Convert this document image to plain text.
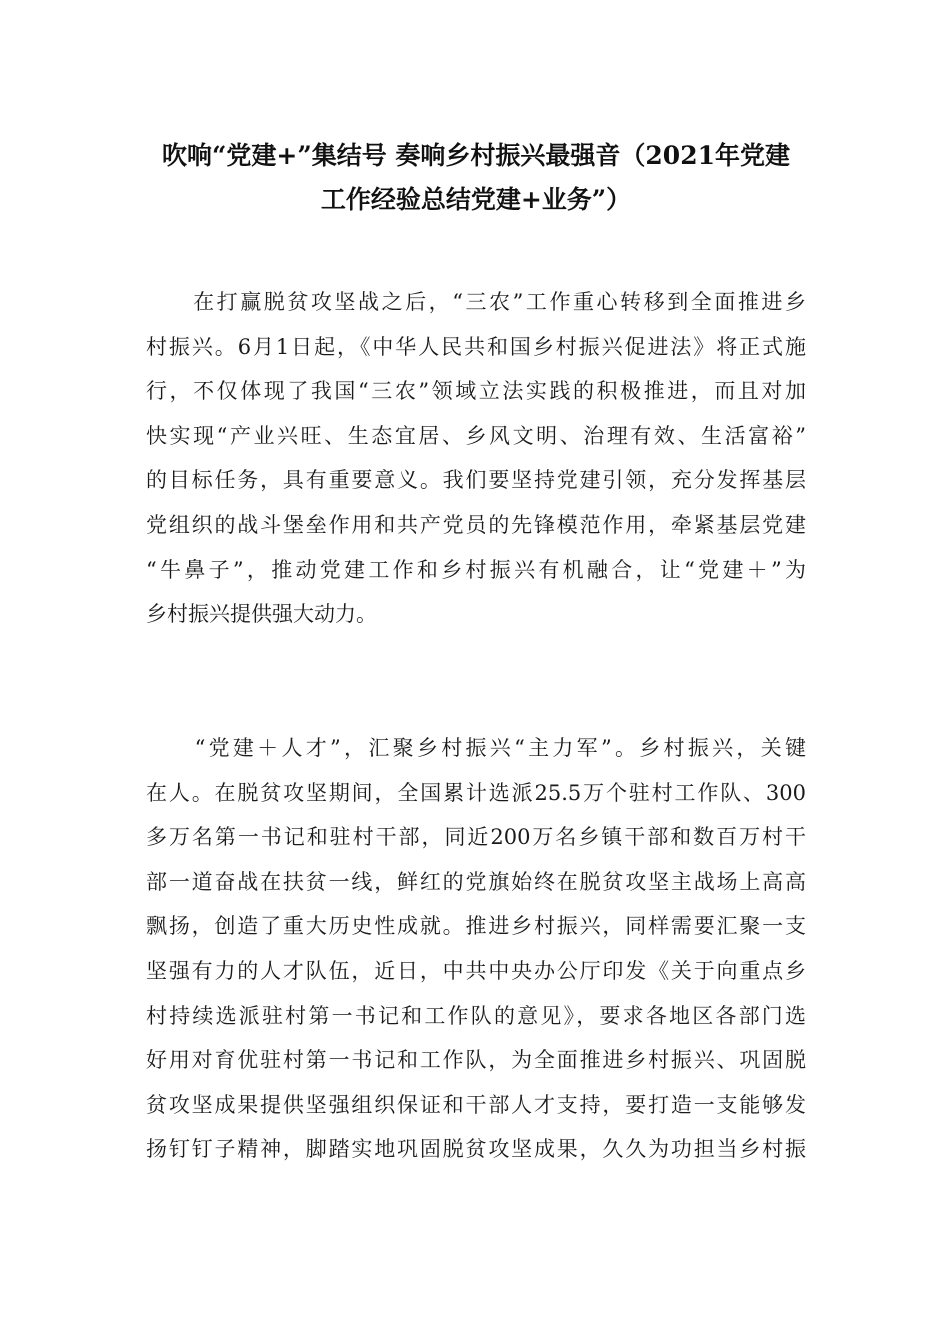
吹响“党建+”集结号 奏响乡村振兴最强音（2021年党建
工作经验总结党建+业务”）
　　在打赢脱贫攻坚战之后，“三农”工作重心转移到全面推进乡
村振兴。6月1日起，《中华人民共和国乡村振兴促进法》将正式施
行，不仅体现了我国“三农”领域立法实践的积极推进，而且对加
快实现“产业兴旺、生态宜居、乡风文明、治理有效、生活富裕”
的目标任务，具有重要意义。我们要坚持党建引领，充分发挥基层
党组织的战斗堡垒作用和共产党员的先锋模范作用，牵紧基层党建
“牛鼻子”，推动党建工作和乡村振兴有机融合，让“党建＋”为
乡村振兴提供强大动力。
　　“党建＋人才”，汇聚乡村振兴“主力军”。乡村振兴，关键
在人。在脱贫攻坚期间，全国累计选派25.5万个驻村工作队、300
多万名第一书记和驻村干部，同近200万名乡镇干部和数百万村干
部一道奋战在扶贫一线，鲜红的党旗始终在脱贫攻坚主战场上高高
飘扬，创造了重大历史性成就。推进乡村振兴，同样需要汇聚一支
坚强有力的人才队伍，近日，中共中央办公厅印发《关于向重点乡
村持续选派驻村第一书记和工作队的意见》，要求各地区各部门选
好用对育优驻村第一书记和工作队，为全面推进乡村振兴、巩固脱
贫攻坚成果提供坚强组织保证和干部人才支持，要打造一支能够发
扬钉钉子精神，脚踏实地巩固脱贫攻坚成果，久久为功担当乡村振
